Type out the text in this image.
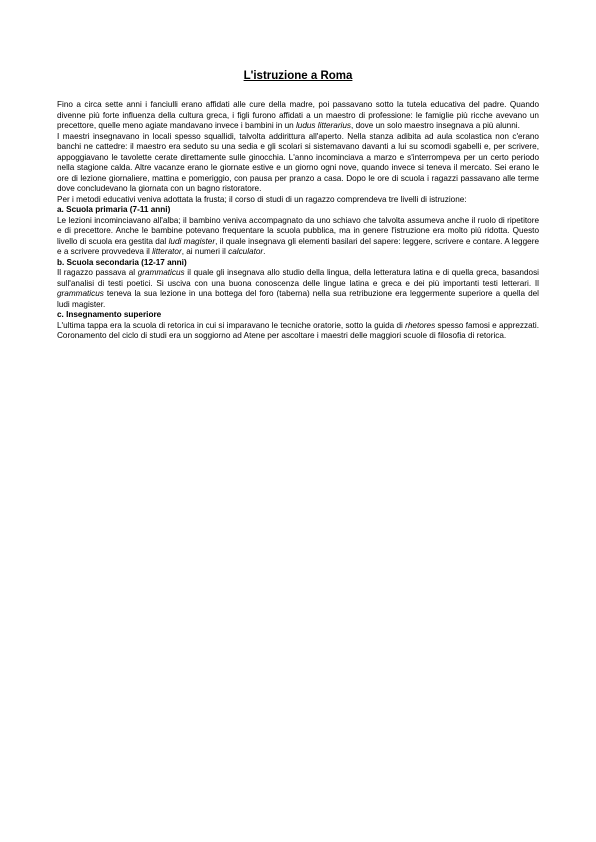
L'istruzione a Roma

Fino a circa sette anni i fanciulli erano affidati alle cure della madre, poi passavano sotto la tutela educativa del padre. Quando divenne più forte influenza della cultura greca, i figli furono affidati a un maestro di professione: le famiglie più ricche avevano un precettore, quelle meno agiate mandavano invece i bambini in un ludus litterarius, dove un solo maestro insegnava a più alunni.

I maestri insegnavano in locali spesso squallidi, talvolta addirittura all'aperto. Nella stanza adibita ad aula scolastica non c'erano banchi ne cattedre: il maestro era seduto su una sedia e gli scolari si sistemavano davanti a lui su scomodi sgabelli e, per scrivere, appoggiavano le tavolette cerate direttamente sulle ginocchia. L'anno incominciava a marzo e s'interrompeva per un certo periodo nella stagione calda. Altre vacanze erano le giornate estive e un giorno ogni nove, quando invece si teneva il mercato. Sei erano le ore di lezione giornaliere, mattina e pomeriggio, con pausa per pranzo a casa. Dopo le ore di scuola i ragazzi passavano alle terme dove concludevano la giornata con un bagno ristoratore.

Per i metodi educativi veniva adottata la frusta; il corso di studi di un ragazzo comprendeva tre livelli di istruzione:

a. Scuola primaria (7-11 anni)

Le lezioni incominciavano all'alba; il bambino veniva accompagnato da uno schiavo che talvolta assumeva anche il ruolo di ripetitore e di precettore. Anche le bambine potevano frequentare la scuola pubblica, ma in genere l'istruzione era molto più ridotta. Questo livello di scuola era gestita dal ludi magister, il quale insegnava gli elementi basilari del sapere: leggere, scrivere e contare. A leggere e a scrivere provvedeva il litterator, ai numeri il calculator.

b. Scuola secondaria (12-17 anni)

Il ragazzo passava al grammaticus il quale gli insegnava allo studio della lingua, della letteratura latina e di quella greca, basandosi sull'analisi di testi poetici. Si usciva con una buona conoscenza delle lingue latina e greca e dei più importanti testi letterari. Il grammaticus teneva la sua lezione in una bottega del foro (taberna) nella sua retribuzione era leggermente superiore a quella del ludi magister.

c. Insegnamento superiore

L'ultima tappa era la scuola di retorica in cui si imparavano le tecniche oratorie, sotto la guida di rhetores spesso famosi e apprezzati. Coronamento del ciclo di studi era un soggiorno ad Atene per ascoltare i maestri delle maggiori scuole di filosofia di retorica.
